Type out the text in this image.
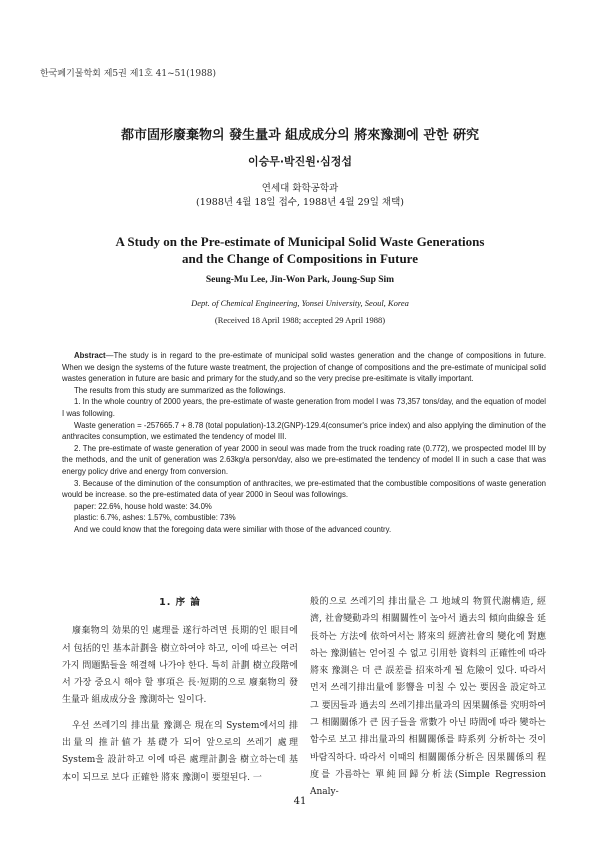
한국폐기물학회 제5권 제1호 41~51(1988)
都市固形廢棄物의 發生量과 組成成分의 將來豫測에 관한 硏究
이승무·박진원·심정섭
연세대 화학공학과
(1988년 4월 18일 접수, 1988년 4월 29일 채택)
A Study on the Pre-estimate of Municipal Solid Waste Generations
and the Change of Compositions in Future
Seung-Mu Lee, Jin-Won Park, Joung-Sup Sim
Dept. of Chemical Engineering, Yonsei University, Seoul, Korea
(Received 18 April 1988; accepted 29 April 1988)

Abstract—The study is in regard to the pre-estimate of municipal solid wastes generation and the change of compositions in future. When we design the systems of the future waste treatment, the projection of change of compositions and the pre-estimate of municipal solid wastes generation in future are basic and primary for the study,and so the very precise pre-esitimate is vitally important.

The results from this study are summarized as the followings.

1. In the whole country of 2000 years, the pre-estimate of waste generation from model I was 73,357 tons/day, and the equation of model I was following.

Waste generation = -257665.7 + 8.78 (total population)-13.2(GNP)-129.4(consumer's price index) and also applying the diminution of the anthracites consumption, we estimated the tendency of model III.

2. The pre-estimate of waste generation of year 2000 in seoul was made from the truck roading rate (0.772), we prospected model III by the methods, and the unit of generation was 2.63kg/a person/day, also we pre-estimated the tendency of model II in such a case that was energy policy drive and energy from conversion.

3. Because of the diminution of the consumption of anthracites, we pre-estimated that the combustible compositions of waste generation would be increase. so the pre-estimated data of year 2000 in Seoul was followings.

paper: 22.6%, house hold waste: 34.0%

plastic: 6.7%, ashes: 1.57%, combustible: 73%

And we could know that the foregoing data were similiar with those of the advanced country.

1. 序 論

廢棄物의 効果的인 處理를 遂行하려면 長期的인 眼目에서 包括的인 基本計劃을 樹立하여야 하고, 이에 따르는 여러가지 問題點들을 해결해 나가야 한다. 특히 計劃 樹立段階에서 가장 중요시 해야 할 事項은 長·短期的으로 廢棄物의 發生量과 組成成分을 豫測하는 일이다.

우선 쓰레기의 排出量 豫測은 現在의 System에서의 排出量의 推計値가 基礎가 되어 앞으로의 쓰레기 處理 System을 設計하고 이에 따른 處理計劃을 樹立하는데 基本이 되므로 보다 正確한 將來 豫測이 要望된다. 一

般的으로 쓰레기의 排出量은 그 地域의 物質代謝構造, 經濟, 社會變動과의 相關關性이 높아서 過去의 傾向曲線을 延長하는 方法에 依하여서는 將來의 經濟社會의 變化에 對應하는 豫測値는 얻어질 수 없고 引用한 資料의 正確性에 따라 將來 豫測은 더 큰 誤差를 招來하게 될 危險이 있다. 따라서 먼저 쓰레기排出量에 影響을 미칠 수 있는 要因을 設定하고 그 要因들과 過去의 쓰레기排出量과의 因果關係를 究明하여 그 相關關係가 큰 因子들을 常數가 아닌 時間에 따라 變하는 함수로 보고 排出量과의 相關關係를 時系列 分析하는 것이 바람직하다. 따라서 이때의 相關關係分析은 因果關係의 程度를 가름하는 單純回歸分析法(Simple Regression Analy-

41
